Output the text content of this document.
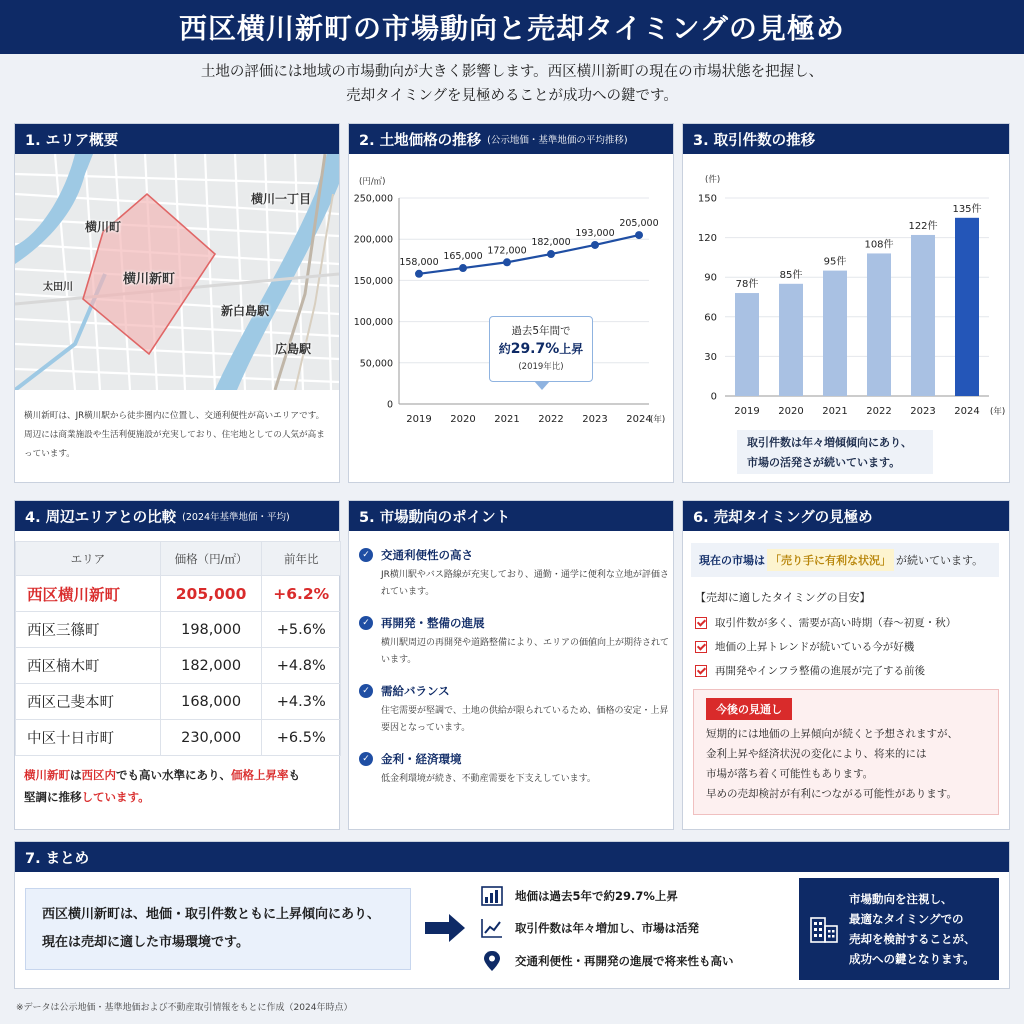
西区横川新町の市場動向と売却タイミングの見極め
土地の評価には地域の市場動向が大きく影響します。西区横川新町の現在の市場状態を把握し、
売却タイミングを見極めることが成功への鍵です。
1. エリア概要
横川町
横川新町
横川一丁目
新白島駅
広島駅
太田川
横川新町は、JR横川駅から徒歩圏内に位置し、交通利便性が高いエリアです。周辺には商業施設や生活利便施設が充実しており、住宅地としての人気が高まっています。
2. 土地価格の推移 (公示地価・基準地価の平均推移)
(円/㎡)
0
50,000
100,000
150,000
200,000
250,000
2019 2020 2021 2022 2023 2024
(年)
158,000
165,000
172,000
182,000
193,000
205,000
過去5年間で
約29.7%上昇
(2019年比)
3. 取引件数の推移
(件)
0
30
60
90
120
150
78件
2019
85件
2020
95件
2021
108件
2022
122件
2023
135件
2024 (年)
取引件数は年々増傾傾向にあり、
市場の活発さが続いています。
4. 周辺エリアとの比較 (2024年基準地価・平均)
エリア	価格（円/㎡）	前年比
西区横川新町	205,000	+6.2%
西区三篠町	198,000	+5.6%
西区楠木町	182,000	+4.8%
西区己斐本町	168,000	+4.3%
中区十日市町	230,000	+6.5%
横川新町は西区内でも高い水準にあり、価格上昇率も
堅調に推移しています。
5. 市場動向のポイント
✓ 交通利便性の高さ
JR横川駅やバス路線が充実しており、通勤・通学に便利な立地が評価されています。
✓ 再開発・整備の進展
横川駅周辺の再開発や道路整備により、エリアの価値向上が期待されています。
✓ 需給バランス
住宅需要が堅調で、土地の供給が限られているため、価格の安定・上昇要因となっています。
✓ 金利・経済環境
低金利環境が続き、不動産需要を下支えしています。
6. 売却タイミングの見極め
現在の市場は 「売り手に有利な状況」 が続いています。
【売却に適したタイミングの目安】
取引件数が多く、需要が高い時期（春〜初夏・秋）
地価の上昇トレンドが続いている今が好機
再開発やインフラ整備の進展が完了する前後
今後の見通し
短期的には地価の上昇傾向が続くと予想されますが、
金利上昇や経済状況の変化により、将来的には
市場が落ち着く可能性もあります。
早めの売却検討が有利につながる可能性があります。
7. まとめ
西区横川新町は、地価・取引件数ともに上昇傾向にあり、
現在は売却に適した市場環境です。
地価は過去5年で約29.7%上昇
取引件数は年々増加し、市場は活発
交通利便性・再開発の進展で将来性も高い
市場動向を注視し、
最適なタイミングでの
売却を検討することが、
成功への鍵となります。
※データは公示地価・基準地価および不動産取引情報をもとに作成（2024年時点）
